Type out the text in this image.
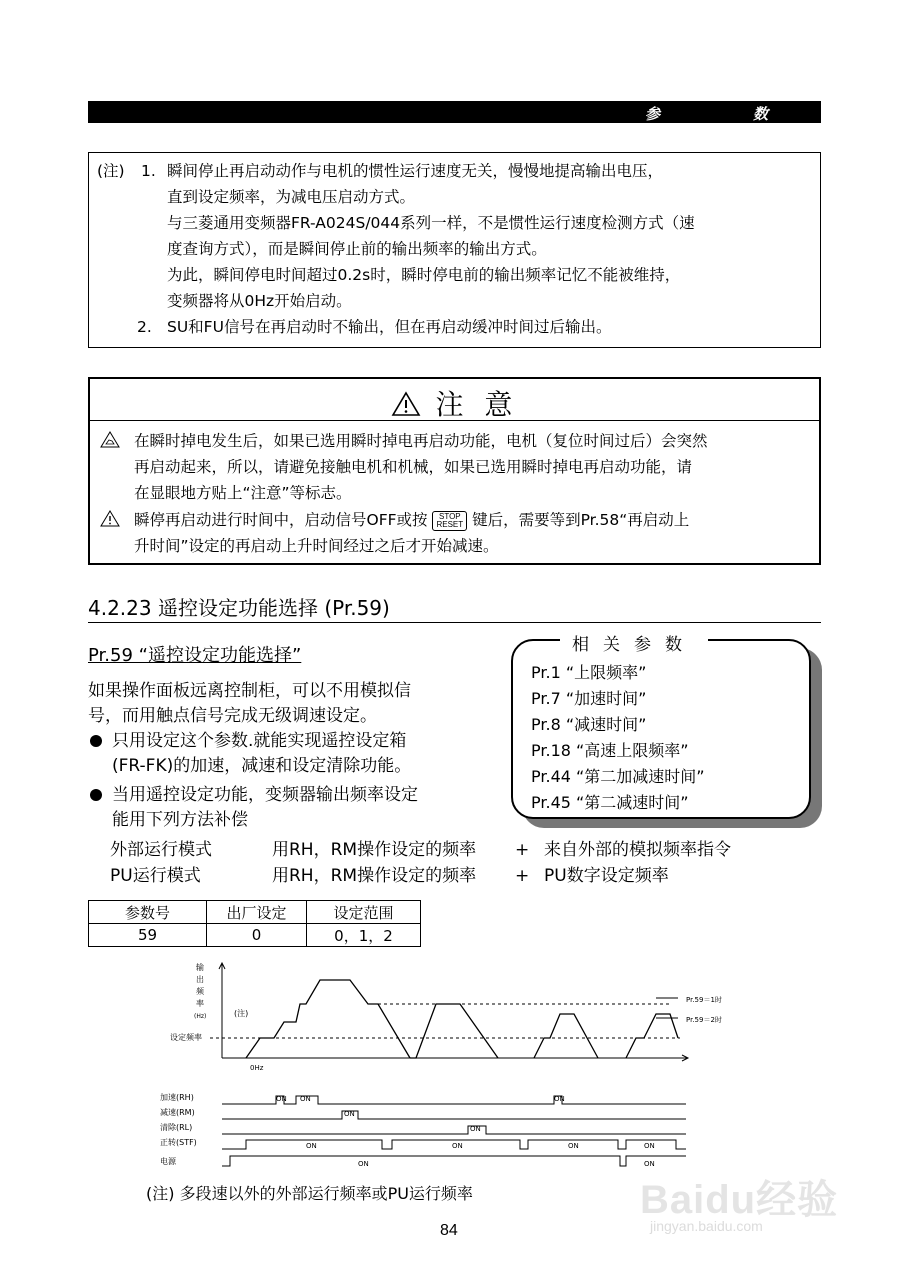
参	数
(注) 1. 瞬间停止再启动动作与电机的惯性运行速度无关，慢慢地提高输出电压，
直到设定频率，为减电压启动方式。
与三菱通用变频器FR-A024S/044系列一样，不是惯性运行速度检测方式（速
度查询方式），而是瞬间停止前的输出频率的输出方式。
为此，瞬间停电时间超过0.2s时，瞬时停电前的输出频率记忆不能被维持，
变频器将从0Hz开始启动。
2. SU和FU信号在再启动时不输出，但在再启动缓冲时间过后输出。
注 意
在瞬时掉电发生后，如果已选用瞬时掉电再启动功能，电机（复位时间过后）会突然
再启动起来，所以，请避免接触电机和机械，如果已选用瞬时掉电再启动功能，请
在显眼地方贴上“注意”等标志。
瞬停再启动进行时间中，启动信号OFF或按 STOP
RESET 键后，需要等到Pr.58“再启动上
升时间”设定的再启动上升时间经过之后才开始减速。
4.2.23 遥控设定功能选择 (Pr.59)
Pr.59 “遥控设定功能选择”
如果操作面板远离控制柜，可以不用模拟信
号，而用触点信号完成无级调速设定。
只用设定这个参数.就能实现遥控设定箱
(FR-FK)的加速，减速和设定清除功能。
当用遥控设定功能，变频器输出频率设定
能用下列方法补偿
外部运行模式	用RH，RM操作设定的频率 + 来自外部的模拟频率指令
PU运行模式	用RH，RM操作设定的频率 + PU数字设定频率
Pr.1 “上限频率”
Pr.7 “加速时间”
Pr.8 “减速时间”
Pr.18 “高速上限频率”
Pr.44 “第二加减速时间”
Pr.45 “第二减速时间”
相关参数
参数号	出厂设定	设定范围
59	0	0，1，2
输
出
频
率
(Hz)	(注)
设定频率
0Hz
Pr.59＝1时
Pr.59＝2时
加速(RH)
减速(RM)
清除(RL)
正转(STF)
电源
ON ON	ON
ON
ON
ON	ON	ON	ON
ON	ON
(注) 多段速以外的外部运行频率或PU运行频率
84
Baidu经验
jingyan.baidu.com
